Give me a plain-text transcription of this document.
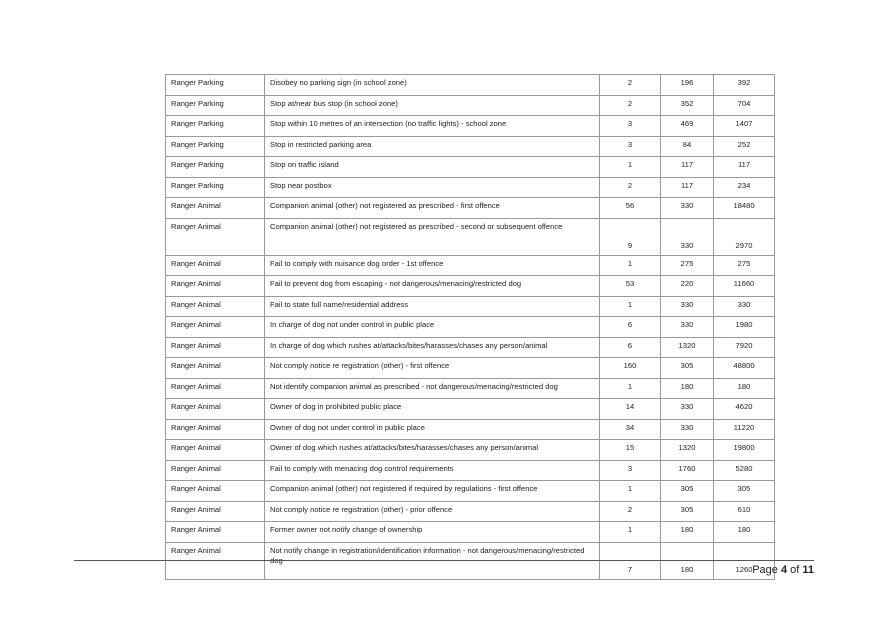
Ranger Parking	Disobey no parking sign (in school zone)	2	196	392
Ranger Parking	Stop at/near bus stop (in school zone)	2	352	704
Ranger Parking	Stop within 10 metres of an intersection (no traffic lights) - school zone	3	469	1407
Ranger Parking	Stop in restricted parking area	3	84	252
Ranger Parking	Stop on traffic island	1	117	117
Ranger Parking	Stop near postbox	2	117	234
Ranger Animal	Companion animal (other) not registered as prescribed - first offence	56	330	18480
Ranger Animal	Companion animal (other) not registered as prescribed - second or subsequent offence	9	330	2970
Ranger Animal	Fail to comply with nuisance dog order - 1st offence	1	275	275
Ranger Animal	Fail to prevent dog from escaping - not dangerous/menacing/restricted dog	53	220	11660
Ranger Animal	Fail to state full name/residential address	1	330	330
Ranger Animal	In charge of dog not under control in public place	6	330	1980
Ranger Animal	In charge of dog which rushes at/attacks/bites/harasses/chases any person/animal	6	1320	7920
Ranger Animal	Not comply notice re registration (other) - first offence	160	305	48800
Ranger Animal	Not identify companion animal as prescribed - not dangerous/menacing/restricted dog	1	180	180
Ranger Animal	Owner of dog in prohibited public place	14	330	4620
Ranger Animal	Owner of dog not under control in public place	34	330	11220
Ranger Animal	Owner of dog which rushes at/attacks/bites/harasses/chases any person/animal	15	1320	19800
Ranger Animal	Fail to comply with menacing dog control requirements	3	1760	5280
Ranger Animal	Companion animal (other) not registered if required by regulations - first offence	1	305	305
Ranger Animal	Not comply notice re registration (other) - prior offence	2	305	610
Ranger Animal	Former owner not notify change of ownership	1	180	180
Ranger Animal	Not notify change in registration/identification information - not dangerous/menacing/restricted dog	7	180	1260 Page 4 of 11
